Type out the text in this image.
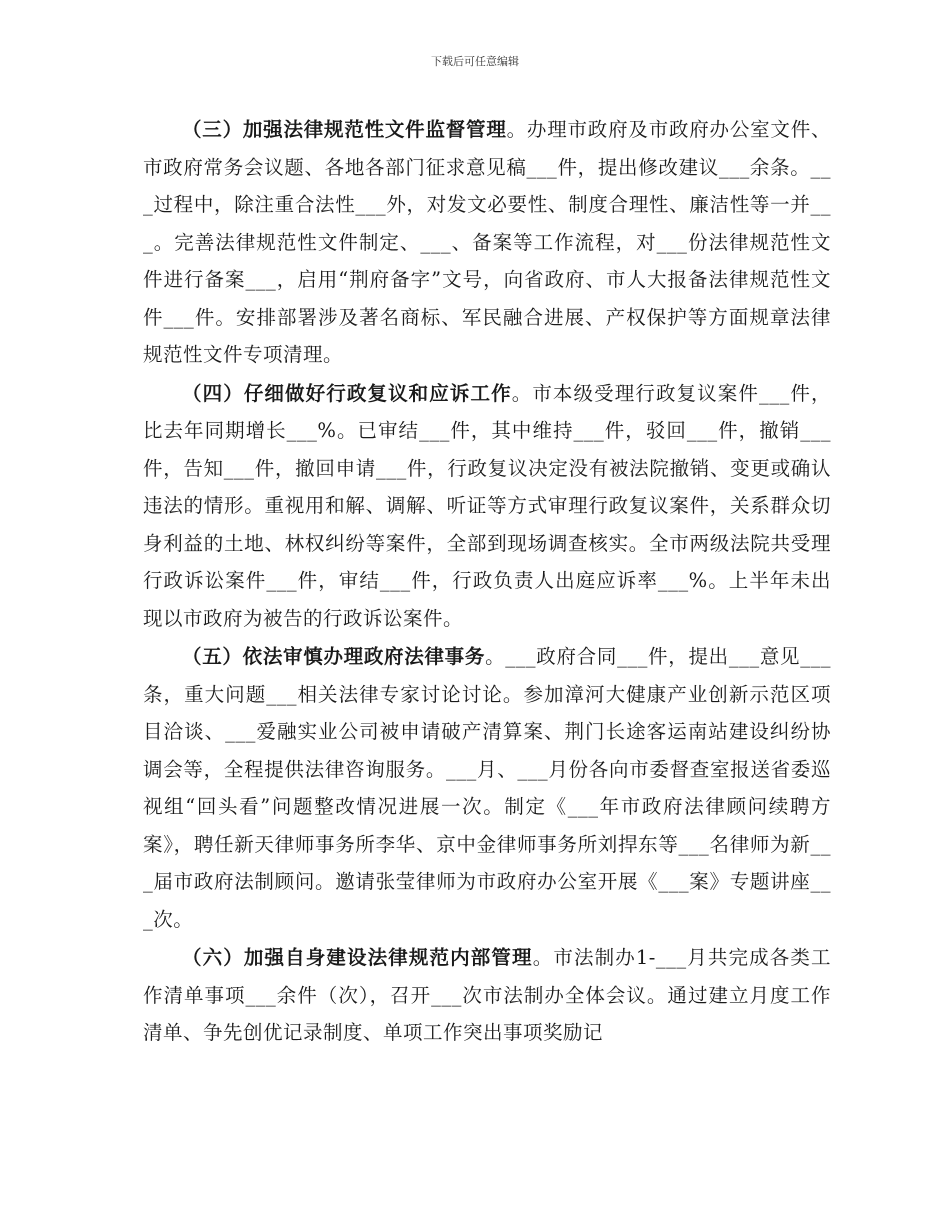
下载后可任意编辑

（三）加强法律规范性文件监督管理。办理市政府及市政府办公室文件、市政府常务会议题、各地各部门征求意见稿___件，提出修改建议___余条。___过程中，除注重合法性___外，对发文必要性、制度合理性、廉洁性等一并___。完善法律规范性文件制定、___、备案等工作流程，对___份法律规范性文件进行备案___，启用“荆府备字”文号，向省政府、市人大报备法律规范性文件___件。安排部署涉及著名商标、军民融合进展、产权保护等方面规章法律规范性文件专项清理。

（四）仔细做好行政复议和应诉工作。市本级受理行政复议案件___件，比去年同期增长___%。已审结___件，其中维持___件，驳回___件，撤销___件，告知___件，撤回申请___件，行政复议决定没有被法院撤销、变更或确认违法的情形。重视用和解、调解、听证等方式审理行政复议案件，关系群众切身利益的土地、林权纠纷等案件，全部到现场调查核实。全市两级法院共受理行政诉讼案件___件，审结___件，行政负责人出庭应诉率___%。上半年未出现以市政府为被告的行政诉讼案件。

（五）依法审慎办理政府法律事务。___政府合同___件，提出___意见___条，重大问题___相关法律专家讨论讨论。参加漳河大健康产业创新示范区项目洽谈、___爱融实业公司被申请破产清算案、荆门长途客运南站建设纠纷协调会等，全程提供法律咨询服务。___月、___月份各向市委督查室报送省委巡视组“回头看”问题整改情况进展一次。制定《___年市政府法律顾问续聘方案》，聘任新天律师事务所李华、京中金律师事务所刘捍东等___名律师为新___届市政府法制顾问。邀请张莹律师为市政府办公室开展《___案》专题讲座___次。

（六）加强自身建设法律规范内部管理。市法制办1-___月共完成各类工作清单事项___余件（次），召开___次市法制办全体会议。通过建立月度工作清单、争先创优记录制度、单项工作突出事项奖励记
